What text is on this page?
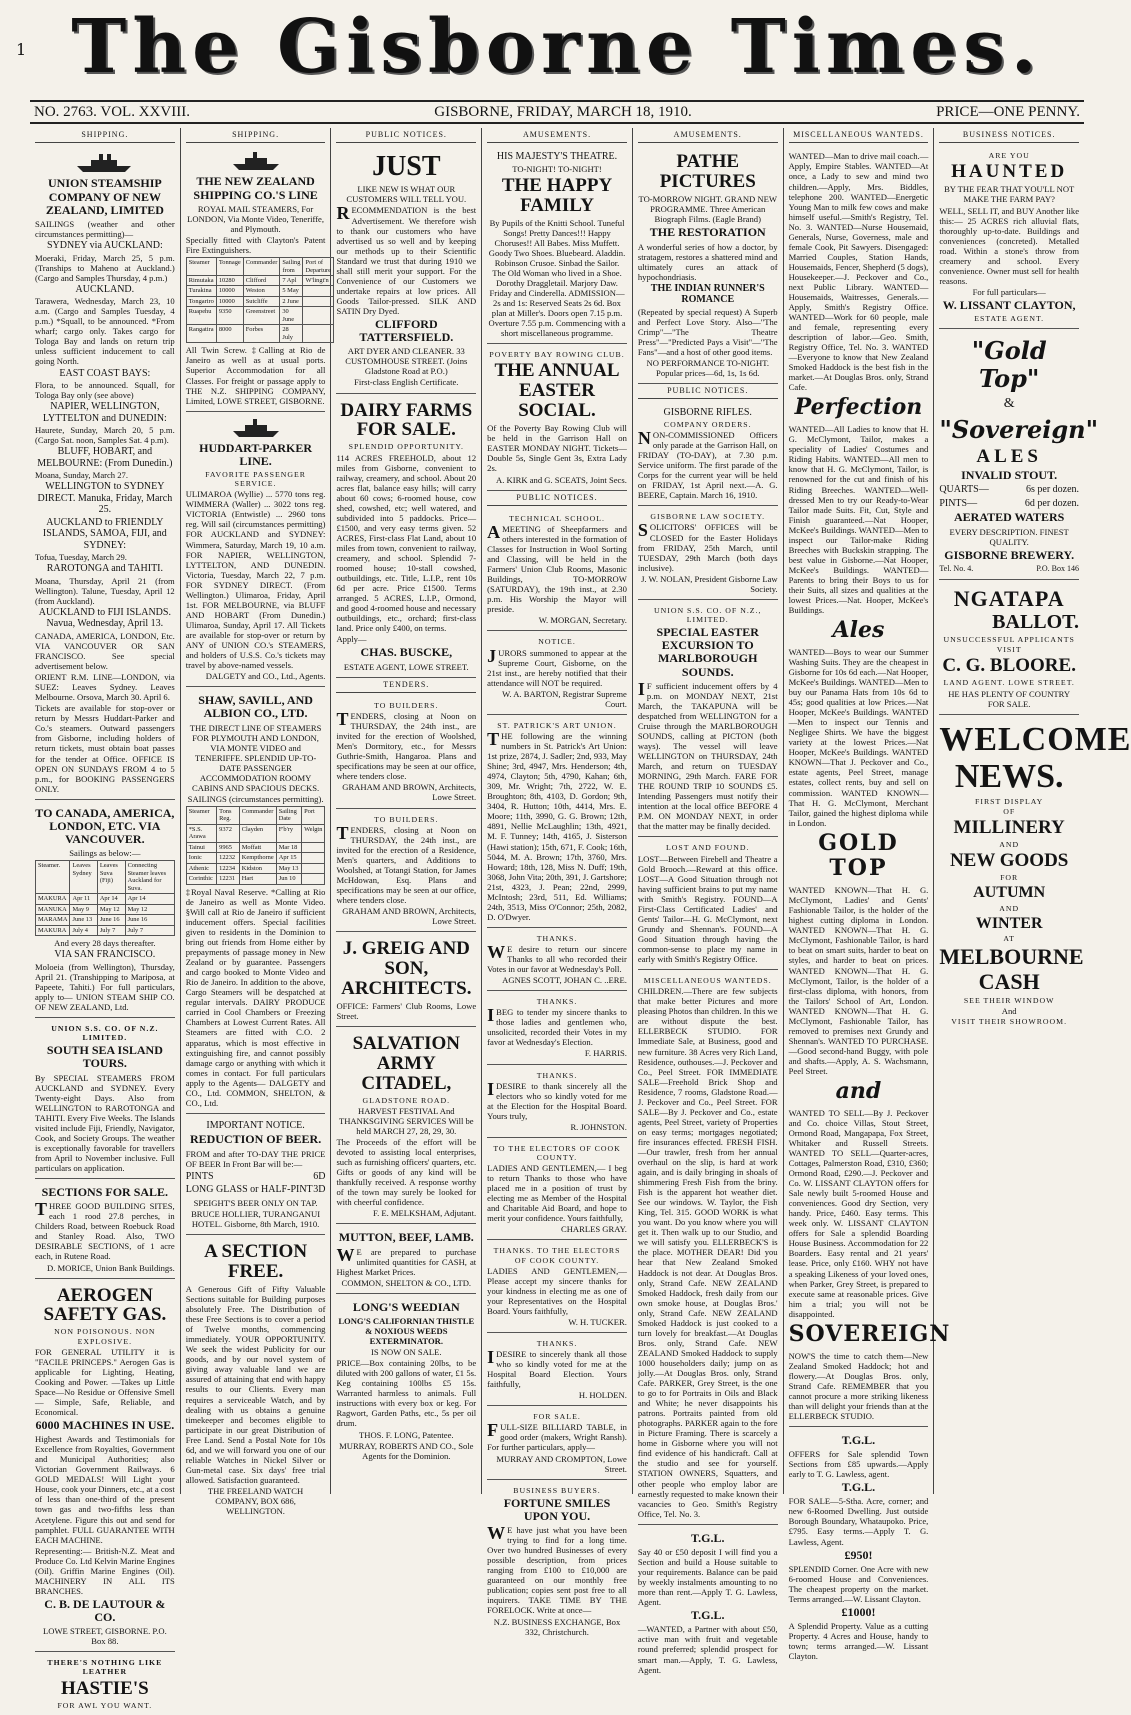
The Gisborne Times.
1
NO. 2763. VOL. XXVIII.	GISBORNE, FRIDAY, MARCH 18, 1910.	PRICE—ONE PENNY.
SHIPPING.
UNION STEAMSHIP COMPANY OF NEW ZEALAND, LIMITED
SAILINGS (weather and other circumstances permitting)—
SYDNEY via AUCKLAND:
Moeraki, Friday, March 25, 5 p.m. (Tranships to Maheno at Auckland.) (Cargo and Samples Thursday, 4 p.m.)
AUCKLAND.
Tarawera, Wednesday, March 23, 10 a.m. (Cargo and Samples Tuesday, 4 p.m.) *Squall, to be announced. *From wharf; cargo only. Takes cargo for Tologa Bay and lands on return trip unless sufficient inducement to call going North.
EAST COAST BAYS:
Flora, to be announced. Squall, for Tologa Bay only (see above)
NAPIER, WELLINGTON, LYTTELTON and DUNEDIN:
Haurete, Sunday, March 20, 5 p.m. (Cargo Sat. noon, Samples Sat. 4 p.m).
BLUFF, HOBART, and MELBOURNE: (From Dunedin.)
Moana, Sunday, March 27.
WELLINGTON to SYDNEY DIRECT. Manuka, Friday, March 25.
AUCKLAND to FRIENDLY ISLANDS, SAMOA, FIJI, and SYDNEY:
Tofua, Tuesday, March 29.
RAROTONGA and TAHITI.
Moana, Thursday, April 21 (from Wellington). Talune, Tuesday, April 12 (from Auckland).
AUCKLAND to FIJI ISLANDS. Navua, Wednesday, April 13.
CANADA, AMERICA, LONDON, Etc. VIA VANCOUVER OR SAN FRANCISCO. See special advertisement below.
ORIENT R.M. LINE—LONDON, via SUEZ: Leaves Sydney. Leaves Melbourne. Orsova, March 30. April 6.
Tickets are available for stop-over or return by Messrs Huddart-Parker and Co.'s steamers. Outward passengers from Gisborne, including holders of return tickets, must obtain boat passes for the tender at Office. OFFICE IS OPEN ON SUNDAYS FROM 4 to 5 p.m., for BOOKING PASSENGERS ONLY.
TO CANADA, AMERICA, LONDON, ETC. VIA VANCOUVER.
Sailings as below:—
Steamer.	Leaves Sydney	Leaves Suva (Fiji)	Connecting Steamer leaves Auckland for Suva.
MAKURA	Apr 11	Apr 14	Apr 14
MANUKA	May 9	May 12	May 12
MARAMA	June 13	June 16	June 16
MAKURA	July 4	July 7	July 7
And every 28 days thereafter.
VIA SAN FRANCISCO.
Moloeia (from Wellington), Thursday, April 21. (Transhipping to Mariposa, at Papeete, Tahiti.) For full particulars, apply to— UNION STEAM SHIP CO. OF NEW ZEALAND, Ltd.
UNION S.S. CO. OF N.Z. LIMITED.
SOUTH SEA ISLAND TOURS.
By SPECIAL STEAMERS FROM AUCKLAND and SYDNEY. Every Twenty-eight Days. Also from WELLINGTON to RAROTONGA and TAHITI. Every Five Weeks. The Islands visited include Fiji, Friendly, Navigator, Cook, and Society Groups. The weather is exceptionally favorable for travellers from April to November inclusive. Full particulars on application.
SECTIONS FOR SALE.
THREE GOOD BUILDING SITES, each 1 rood 27.8 perches, in Childers Road, between Roebuck Road and Stanley Road. Also, TWO DESIRABLE SECTIONS, of 1 acre each, in Rutene Road.
D. MORICE, Union Bank Buildings.
AEROGEN SAFETY GAS.
NON POISONOUS. NON EXPLOSIVE.
FOR GENERAL UTILITY it is "FACILE PRINCEPS." Aerogen Gas is applicable for Lighting, Heating, Cooking and Power. —Takes up Little Space—No Residue or Offensive Smell— Simple, Safe, Reliable, and Economical.
6000 MACHINES IN USE.
Highest Awards and Testimonials for Excellence from Royalties, Government and Municipal Authorities; also Victorian Government Railways. 6 GOLD MEDALS! Will Light your House, cook your Dinners, etc., at a cost of less than one-third of the present town gas and two-fifths less than Acetylene. Figure this out and send for pamphlet. FULL GUARANTEE WITH EACH MACHINE.
Representing:— British-N.Z. Meat and Produce Co. Ltd Kelvin Marine Engines (Oil). Griffin Marine Engines (Oil). MACHINERY IN ALL ITS BRANCHES.
C. B. DE LAUTOUR & CO.
LOWE STREET, GISBORNE. P.O. Box 88.
THERE'S NOTHING LIKE LEATHER
HASTIE'S
FOR AWL YOU WANT.
SHIPPING.
THE NEW ZEALAND SHIPPING CO.'S LINE
ROYAL MAIL STEAMERS, For LONDON, Via Monte Video, Teneriffe, and Plymouth.
Specially fitted with Clayton's Patent Fire Extinguishers.
Steamer	Tonnage	Commander	Sailing from	Port of Departure
Rimutaka	10280	Clifford	7 Apl	W'lingt'n
Turakina	10000	Weston	5 May	
Tongariro	10000	Sutcliffe	2 June	
Ruapehu	9350	Greenstreet	30 June	
Rangatira	8000	Forbes	28 July	
All Twin Screw. ‡Calling at Rio de Janeiro as well as at usual ports. Superior Accommodation for all Classes. For freight or passage apply to THE N.Z. SHIPPING COMPANY, Limited, LOWE STREET, GISBORNE.
HUDDART-PARKER LINE.
FAVORITE PASSENGER SERVICE.
ULIMAROA (Wyllie) ... 5770 tons reg. WIMMERA (Waller) ... 3022 tons reg. VICTORIA (Entwistle) ... 2960 tons reg. Will sail (circumstances permitting) FOR AUCKLAND and SYDNEY: Wimmera, Saturday, March 19, 10 a.m. FOR NAPIER, WELLINGTON, LYTTELTON, AND DUNEDIN. Victoria, Tuesday, March 22, 7 p.m. FOR SYDNEY DIRECT. (From Wellington.) Ulimaroa, Friday, April 1st. FOR MELBOURNE, via BLUFF AND HOBART (From Dunedin.) Ulimaroa, Sunday, April 17. All Tickets are available for stop-over or return by ANY of UNION CO.'s STEAMERS, and holders of U.S.S. Co.'s tickets may travel by above-named vessels.
DALGETY and CO., Ltd., Agents.
SHAW, SAVILL, AND ALBION CO., LTD.
THE DIRECT LINE OF STEAMERS FOR PLYMOUTH AND LONDON, VIA MONTE VIDEO and TENERIFFE. SPLENDID UP-TO-DATE PASSENGER ACCOMMODATION ROOMY CABINS AND SPACIOUS DECKS.
SAILINGS (circumstances permitting).
Steamer	Tons Reg.	Commander	Sailing Date	Port
*S.S. Arawa	9372	Clayden	F'b'ry	Welgtn
Tainui	9965	Moffatt	Mar 18	
Ionic	12232	Kempthorne	Apr 15	
Athenic	12234	Kidston	May 13	
Corinthic	12231	Hart	Jun 10	
‡Royal Naval Reserve. *Calling at Rio de Janeiro as well as Monte Video. §Will call at Rio de Janeiro if sufficient inducement offers. Special facilities given to residents in the Dominion to bring out friends from Home either by prepayments of passage money in New Zealand or by guarantee. Passengers and cargo booked to Monte Video and Rio de Janeiro. In addition to the above, Cargo Steamers will be despatched at regular intervals. DAIRY PRODUCE carried in Cool Chambers or Freezing Chambers at Lowest Current Rates. All Steamers are fitted with C.O. 2 apparatus, which is most effective in extinguishing fire, and cannot possibly damage cargo or anything with which it comes in contact. For full particulars apply to the Agents— DALGETY and CO., Ltd. COMMON, SHELTON, & CO., Ltd.
IMPORTANT NOTICE.
REDUCTION OF BEER.
FROM and after TO-DAY THE PRICE OF BEER In Front Bar will be:—
PINTS	6D
LONG GLASS or HALF-PINT 3D
SPEIGHT'S BEER ONLY ON TAP.
BRUCE HOLLIER, TURANGANUI HOTEL. Gisborne, 8th March, 1910.
A SECTION FREE.
A Generous Gift of Fifty Valuable Sections suitable for Building purposes absolutely Free. The Distribution of these Free Sections is to cover a period of Twelve months, commencing immediately. YOUR OPPORTUNITY. We seek the widest Publicity for our goods, and by our novel system of giving away valuable land we are assured of attaining that end with happy results to our Clients. Every man requires a serviceable Watch, and by dealing with us obtains a genuine timekeeper and becomes eligible to participate in our great Distribution of Free Land. Send a Postal Note for 10s 6d, and we will forward you one of our reliable Watches in Nickel Silver or Gun-metal case. Six days' free trial allowed. Satisfaction guaranteed.
THE FREELAND WATCH COMPANY, BOX 686, WELLINGTON.
PUBLIC NOTICES.
JUST
LIKE NEW IS WHAT OUR CUSTOMERS WILL TELL YOU.
RECOMMENDATION is the best Advertisement. We therefore wish to thank our customers who have advertised us so well and by keeping our methods up to their Scientific Standard we trust that during 1910 we shall still merit your support. For the Convenience of our Customers we undertake repairs at low prices. All Goods Tailor-pressed. SILK AND SATIN Dry Dyed.
CLIFFORD TATTERSFIELD.
ART DYER AND CLEANER. 33 CUSTOMHOUSE STREET. (Joins Gladstone Road at P.O.)
First-class English Certificate.
DAIRY FARMS FOR SALE.
SPLENDID OPPORTUNITY.
114 ACRES FREEHOLD, about 12 miles from Gisborne, convenient to railway, creamery, and school. About 20 acres flat, balance easy hills; will carry about 60 cows; 6-roomed house, cow shed, cowshed, etc; well watered, and subdivided into 5 paddocks. Price—£1500, and very easy terms given. 52 ACRES, First-class Flat Land, about 10 miles from town, convenient to railway, creamery, and school. Splendid 7-roomed house; 10-stall cowshed, outbuildings, etc. Title, L.I.P., rent 10s 6d per acre. Price £1500. Terms arranged. 5 ACRES, L.I.P., Ormond, and good 4-roomed house and necessary outbuildings, etc., orchard; first-class land. Price only £400, on terms.
Apply—
CHAS. BUSCKE,
ESTATE AGENT, LOWE STREET.
TENDERS.
TO BUILDERS.
TENDERS, closing at Noon on THURSDAY, the 24th inst., are invited for the erection of Woolshed, Men's Dormitory, etc., for Messrs Guthrie-Smith, Hangaroa. Plans and specifications may be seen at our office, where tenders close.
GRAHAM AND BROWN, Architects, Lowe Street.
TO BUILDERS.
TENDERS, closing at Noon on THURSDAY, the 24th inst., are invited for the erection of a Residence, Men's quarters, and Additions to Woolshed, at Totangi Station, for James McHdowan, Esq. Plans and specifications may be seen at our office, where tenders close.
GRAHAM AND BROWN, Architects, Lowe Street.
J. GREIG AND SON, ARCHITECTS.
OFFICE: Farmers' Club Rooms, Lowe Street.
SALVATION ARMY CITADEL,
GLADSTONE ROAD.
HARVEST FESTIVAL And THANKSGIVING SERVICES Will be held MARCH 27, 28, 29, 30.
The Proceeds of the effort will be devoted to assisting local enterprises, such as furnishing officers' quarters, etc. Gifts or goods of any kind will be thankfully received. A response worthy of the town may surely be looked for with cheerful confidence.
F. E. MELKSHAM, Adjutant.
MUTTON, BEEF, LAMB.
WE are prepared to purchase unlimited quantities for CASH, at Highest Market Prices.
COMMON, SHELTON & CO., LTD.
LONG'S WEEDIAN
LONG'S CALIFORNIAN THISTLE & NOXIOUS WEEDS EXTERMINATOR.
IS NOW ON SALE.
PRICE—Box containing 20lbs, to be diluted with 200 gallons of water, £1 5s. Keg containing 100lbs £5 15s. Warranted harmless to animals. Full instructions with every box or keg. For Ragwort, Garden Paths, etc., 5s per oil drum.
THOS. F. LONG, Patentee.
MURRAY, ROBERTS AND CO., Sole Agents for the Dominion.
AMUSEMENTS.
HIS MAJESTY'S THEATRE.
TO-NIGHT! TO-NIGHT!
THE HAPPY FAMILY
By Pupils of the Knitti School. Tuneful Songs! Pretty Dances!!! Happy Choruses!! All Babes. Miss Muffett. Goody Two Shoes. Bluebeard. Aladdin. Robinson Crusoe. Sinbad the Sailor. The Old Woman who lived in a Shoe. Dorothy Draggletail. Marjory Daw. Friday and Cinderella. ADMISSION—2s and 1s: Reserved Seats 2s 6d. Box plan at Miller's. Doors open 7.15 p.m. Overture 7.55 p.m. Commencing with a short miscellaneous programme.
POVERTY BAY ROWING CLUB.
THE ANNUAL EASTER SOCIAL.
Of the Poverty Bay Rowing Club will be held in the Garrison Hall on EASTER MONDAY NIGHT. Tickets—Double 5s, Single Gent 3s, Extra Lady 2s.
A. KIRK and G. SCEATS, Joint Secs.
PUBLIC NOTICES.
TECHNICAL SCHOOL.
AMEETING of Sheepfarmers and others interested in the formation of Classes for Instruction in Wool Sorting and Classing, will be held in the Farmers' Union Club Rooms, Masonic Buildings, TO-MORROW (SATURDAY), the 19th inst., at 2.30 p.m. His Worship the Mayor will preside.
W. MORGAN, Secretary.
NOTICE.
JURORS summoned to appear at the Supreme Court, Gisborne, on the 21st inst., are hereby notified that their attendance will NOT be required.
W. A. BARTON, Registrar Supreme Court.
ST. PATRICK'S ART UNION.
THE following are the winning numbers in St. Patrick's Art Union: 1st prize, 2874, J. Sadler; 2nd, 933, May Shine; 3rd, 4947, Mrs. Henderson; 4th, 4974, Clayton; 5th, 4790, Kahan; 6th, 309, Mr. Wright; 7th, 2722, W. E. Broughton; 8th, 4103, D. Gordon; 9th, 3404, R. Hutton; 10th, 4414, Mrs. E. Moore; 11th, 3990, G. G. Brown; 12th, 4891, Nellie McLaughlin; 13th, 4921, M. F. Tunney; 14th, 4165, J. Sisterson (Hawi station); 15th, 671, F. Cook; 16th, 5044, M. A. Brown; 17th, 3760, Mrs. Howard; 18th, 128, Miss N. Duff; 19th, 3068, John Vita; 20th, 391, J. Gartshore; 21st, 4323, J. Pean; 22nd, 2999, McIntosh; 23rd, 511, Ed. Williams; 24th, 3513, Miss O'Connor; 25th, 2082, D. O'Dwyer.
THANKS.
WE desire to return our sincere Thanks to all who recorded their Votes in our favor at Wednesday's Poll.
AGNES SCOTT, JOHAN C. ..ERE.
THANKS.
IBEG to tender my sincere thanks to those ladies and gentlemen who, unsolicited, recorded their Votes in my favor at Wednesday's Election.
F. HARRIS.
THANKS.
IDESIRE to thank sincerely all the electors who so kindly voted for me at the Election for the Hospital Board. Yours truly,
R. JOHNSTON.
TO THE ELECTORS OF COOK COUNTY.
LADIES AND GENTLEMEN,— I beg to return Thanks to those who have placed me in a position of trust by electing me as Member of the Hospital and Charitable Aid Board, and hope to merit your confidence. Yours faithfully,
CHARLES GRAY.
THANKS. TO THE ELECTORS OF COOK COUNTY.
LADIES AND GENTLEMEN,— Please accept my sincere thanks for your kindness in electing me as one of your Representatives on the Hospital Board. Yours faithfully,
W. H. TUCKER.
THANKS.
IDESIRE to sincerely thank all those who so kindly voted for me at the Hospital Board Election. Yours faithfully,
H. HOLDEN.
FOR SALE.
FULL-SIZE BILLIARD TABLE, in good order (makers, Wright Ransh). For further particulars, apply—
MURRAY AND CROMPTON, Lowe Street.
BUSINESS BUYERS.
FORTUNE SMILES UPON YOU.
WE have just what you have been trying to find for a long time. Over two hundred Businesses of every possible description, from prices ranging from £100 to £10,000 are guaranteed on our monthly free publication; copies sent post free to all inquirers. TAKE TIME BY THE FORELOCK. Write at once—
N.Z. BUSINESS EXCHANGE, Box 332, Christchurch.
AMUSEMENTS.
PATHE PICTURES
TO-MORROW NIGHT. GRAND NEW PROGRAMME. Three American Biograph Films. (Eagle Brand)
THE RESTORATION
A wonderful series of how a doctor, by stratagem, restores a shattered mind and ultimately cures an attack of hypochondriasis.
THE INDIAN RUNNER'S ROMANCE
(Repeated by special request) A Superb and Perfect Love Story. Also—"The Crimp"—"The Theatre Press"—"Predicted Pays a Visit"—"The Fans"—and a host of other good items.
NO PERFORMANCE TO-NIGHT. Popular prices—6d, 1s, 1s 6d.
PUBLIC NOTICES.
GISBORNE RIFLES.
COMPANY ORDERS.
NON-COMMISSIONED Officers only parade at the Garrison Hall, on FRIDAY (TO-DAY), at 7.30 p.m. Service uniform. The first parade of the Corps for the current year will be held on FRIDAY, 1st April next.—A. G. BEERE, Captain. March 16, 1910.
GISBORNE LAW SOCIETY.
SOLICITORS' OFFICES will be CLOSED for the Easter Holidays from FRIDAY, 25th March, until TUESDAY, 29th March (both days inclusive).
J. W. NOLAN, President Gisborne Law Society.
UNION S.S. CO. OF N.Z., LIMITED.
SPECIAL EASTER EXCURSION TO MARLBOROUGH SOUNDS.
IF sufficient inducement offers by 4 p.m. on MONDAY NEXT, 21st March, the TAKAPUNA will be despatched from WELLINGTON for a Cruise through the MARLBOROUGH SOUNDS, calling at PICTON (both ways). The vessel will leave WELLINGTON on THURSDAY, 24th March, and return on TUESDAY MORNING, 29th March. FARE FOR THE ROUND TRIP 10 SOUNDS £5. Intending Passengers must notify their intention at the local office BEFORE 4 P.M. ON MONDAY NEXT, in order that the matter may be finally decided.
LOST AND FOUND.
LOST—Between Firebell and Theatre a Gold Brooch.—Reward at this office. LOST—A Good Situation through not having sufficient brains to put my name with Smith's Registry. FOUND—A First-Class Certificated Ladies' and Gents' Tailor—H. G. McClymont, next Grundy and Shennan's. FOUND—A Good Situation through having the common-sense to place my name in early with Smith's Registry Office.
MISCELLANEOUS WANTEDS.
CHILDREN.—There are few subjects that make better Pictures and more pleasing Photos than children. In this we are without dispute the best. ELLERBECK STUDIO. FOR Immediate Sale, at Business, good and new furniture. 38 Acres very Rich Land, Residence, outhouses.—J. Peckover and Co., Peel Street. FOR IMMEDIATE SALE—Freehold Brick Shop and Residence, 7 rooms, Gladstone Road.—J. Peckover and Co., Peel Street. FOR SALE—By J. Peckover and Co., estate agents, Peel Street, variety of Properties on easy terms; mortgages negotiated; fire insurances effected. FRESH FISH.—Our trawler, fresh from her annual overhaul on the slip, is hard at work again, and is daily bringing in shoals of shimmering Fresh Fish from the briny. Fish is the apparent hot weather diet. See our windows. W. Taylor, the Fish King, Tel. 315. GOOD WORK is what you want. Do you know where you will get it. Then walk up to our Studio, and we will satisfy you. ELLERBECK'S is the place. MOTHER DEAR! Did you hear that New Zealand Smoked Haddock is not dear. At Douglas Bros. only, Strand Cafe. NEW ZEALAND Smoked Haddock, fresh daily from our own smoke house, at Douglas Bros.' only, Strand Cafe. NEW ZEALAND Smoked Haddock is just cooked to a turn lovely for breakfast.—At Douglas Bros. only, Strand Cafe. NEW ZEALAND Smoked Haddock to supply 1000 householders daily; jump on as jolly.—At Douglas Bros. only, Strand Cafe. PARKER, Grey Street, is the one to go to for Portraits in Oils and Black and White; he never disappoints his patrons. Portraits painted from old photographs. PARKER again to the fore in Picture Framing. There is scarcely a home in Gisborne where you will not find evidence of his handicraft. Call at the studio and see for yourself. STATION OWNERS, Squatters, and other people who employ labor are earnestly requested to make known their vacancies to Geo. Smith's Registry Office, Tel. No. 3.
T.G.L.
Say 40 or £50 deposit I will find you a Section and build a House suitable to your requirements. Balance can be paid by weekly instalments amounting to no more than rent.—Apply T. G. Lawless, Agent.
T.G.L.
—WANTED, a Partner with about £50, active man with fruit and vegetable round preferred; splendid prospect for smart man.—Apply, T. G. Lawless, Agent.
MISCELLANEOUS WANTEDS.
WANTED—Man to drive mail coach.—Apply, Empire Stables. WANTED—At once, a Lady to sew and mind two children.—Apply, Mrs. Biddles, telephone 200. WANTED—Energetic Young Man to milk few cows and make himself useful.—Smith's Registry, Tel. No. 3. WANTED—Nurse Housemaid, Generals, Nurse, Governess, male and female Cook, Pit Sawyers. Disengaged: Married Couples, Station Hands, Housemaids, Fencer, Shepherd (5 dogs), Housekeeper.—J. Peckover and Co., next Public Library. WANTED—Housemaids, Waitresses, Generals.—Apply, Smith's Registry Office. WANTED—Work for 60 people, male and female, representing every description of labor.—Geo. Smith, Registry Office, Tel. No. 3. WANTED—Everyone to know that New Zealand Smoked Haddock is the best fish in the market.—At Douglas Bros. only, Strand Cafe.
Perfection
WANTED—All Ladies to know that H. G. McClymont, Tailor, makes a speciality of Ladies' Costumes and Riding Habits. WANTED—All men to know that H. G. McClymont, Tailor, is renowned for the cut and finish of his Riding Breeches. WANTED—Well-dressed Men to try our Ready-to-Wear Tailor made Suits. Fit, Cut, Style and Finish guaranteed.—Nat Hooper, McKee's Buildings. WANTED—Men to inspect our Tailor-make Riding Breeches with Buckskin strapping. The best value in Gisborne.—Nat Hooper, McKee's Buildings. WANTED—Parents to bring their Boys to us for their Suits, all sizes and qualities at the lowest Prices.—Nat. Hooper, McKee's Buildings.
Ales
WANTED—Boys to wear our Summer Washing Suits. They are the cheapest in Gisborne for 10s 6d each.—Nat Hooper, McKee's Buildings. WANTED—Men to buy our Panama Hats from 10s 6d to 45s; good qualities at low Prices.—Nat Hooper, McKee's Buildings. WANTED—Men to inspect our Tennis and Negligee Shirts. We have the biggest variety at the lowest Prices.—Nat Hooper, McKee's Buildings. WANTED KNOWN—That J. Peckover and Co., estate agents, Peel Street, manage estates, collect rents, buy and sell on commission. WANTED KNOWN—That H. G. McClymont, Merchant Tailor, gained the highest diploma while in London.
GOLD TOP
WANTED KNOWN—That H. G. McClymont, Ladies' and Gents' Fashionable Tailor, is the holder of the highest cutting diploma in London. WANTED KNOWN—That H. G. McClymont, Fashionable Tailor, is hard to beat on smart suits, harder to beat on styles, and harder to beat on prices. WANTED KNOWN—That H. G. McClymont, Tailor, is the holder of a first-class diploma, with honors, from the Tailors' School of Art, London. WANTED KNOWN—That H. G. McClymont, Fashionable Tailor, has removed to premises next Grundy and Shennan's. WANTED TO PURCHASE.—Good second-hand Buggy, with pole and shafts.—Apply, A. S. Wachsmann, Peel Street.
and
WANTED TO SELL—By J. Peckover and Co. choice Villas, Stout Street, Ormond Road, Mangapapa, Fox Street, Whitaker and Russell Streets. WANTED TO SELL—Quarter-acres, Cottages, Palmerston Road, £310, £360; Ormond Road, £290.—J. Peckover and Co. W. LISSANT CLAYTON offers for Sale newly built 5-roomed House and conveniences. Good dry Section, very handy. Price, £460. Easy terms. This week only. W. LISSANT CLAYTON offers for Sale a splendid Boarding House Business. Accommodation for 22 Boarders. Easy rental and 21 years' lease. Price, only £160. WHY not have a speaking Likeness of your loved ones, when Parker, Grey Street, is prepared to execute same at reasonable prices. Give him a trial; you will not be disappointed.
SOVEREIGN
NOW'S the time to catch them—New Zealand Smoked Haddock; hot and flowery.—At Douglas Bros. only, Strand Cafe. REMEMBER that you cannot procure a more striking likeness than will delight your friends than at the ELLERBECK STUDIO.
T.G.L.
OFFERS for Sale splendid Town Sections from £85 upwards.—Apply early to T. G. Lawless, agent.
T.G.L.
FOR SALE—5-Stha. Acre, corner; and new 6-Roomed Dwelling. Just outside Borough Boundary, Whataupoko. Price, £795. Easy terms.—Apply T. G. Lawless, Agent.
£950!
SPLENDID Corner. One Acre with new 6-roomed House and Conveniences. The cheapest property on the market. Terms arranged.—W. Lissant Clayton.
£1000!
A Splendid Property. Value as a cutting Property. 4 Acres and House, handy to town; terms arranged.—W. Lissant Clayton.
BUSINESS NOTICES.
ARE YOU
HAUNTED
BY THE FEAR THAT YOU'LL NOT MAKE THE FARM PAY?
WELL, SELL IT, and BUY Another like this:— 25 ACRES rich alluvial flats, thoroughly up-to-date. Buildings and conveniences (concreted). Metalled road. Within a stone's throw from creamery and school. Every convenience. Owner must sell for health reasons.
For full particulars—
W. LISSANT CLAYTON,
ESTATE AGENT.
"Gold Top"
&
"Sovereign"
ALES
INVALID STOUT.
QUARTS—	6s per dozen.
PINTS—	6d per dozen.
AERATED WATERS
EVERY DESCRIPTION. FINEST QUALITY.
GISBORNE BREWERY.
Tel. No. 4.	P.O. Box 146
NGATAPA
BALLOT.
UNSUCCESSFUL APPLICANTS
VISIT
C. G. BLOORE.
LAND AGENT. LOWE STREET.
HE HAS PLENTY OF COUNTRY FOR SALE.
WELCOME
NEWS.
FIRST DISPLAY
OF
MILLINERY
AND
NEW GOODS
FOR
AUTUMN
AND
WINTER
AT
MELBOURNE
CASH
SEE THEIR WINDOW
And
VISIT THEIR SHOWROOM.
